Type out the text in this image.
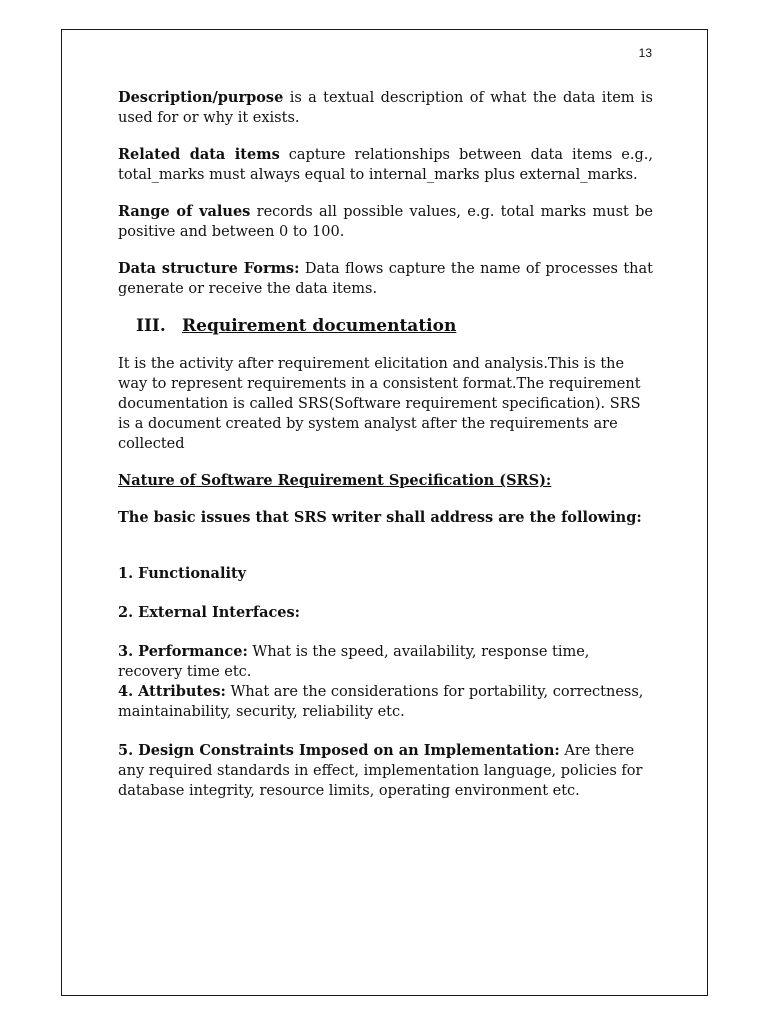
13

Description/purpose is a textual description of what the data item is used for or why it exists.

Related data items capture relationships between data items e.g., total_marks must always equal to internal_marks plus external_marks.

Range of values records all possible values, e.g. total marks must be positive and between 0 to 100.

Data structure Forms: Data flows capture the name of processes that generate or receive the data items.

III. Requirement documentation

It is the activity after requirement elicitation and analysis.This is the way to represent requirements in a consistent format.The requirement documentation is called SRS(Software requirement specification). SRS is a document created by system analyst after the requirements are collected

Nature of Software Requirement Specification (SRS):
The basic issues that SRS writer shall address are the following:
1. Functionality
2. External Interfaces:
3. Performance: What is the speed, availability, response time, recovery time etc.
4. Attributes: What are the considerations for portability, correctness, maintainability, security, reliability etc.
5. Design Constraints Imposed on an Implementation: Are there any required standards in effect, implementation language, policies for database integrity, resource limits, operating environment etc.
